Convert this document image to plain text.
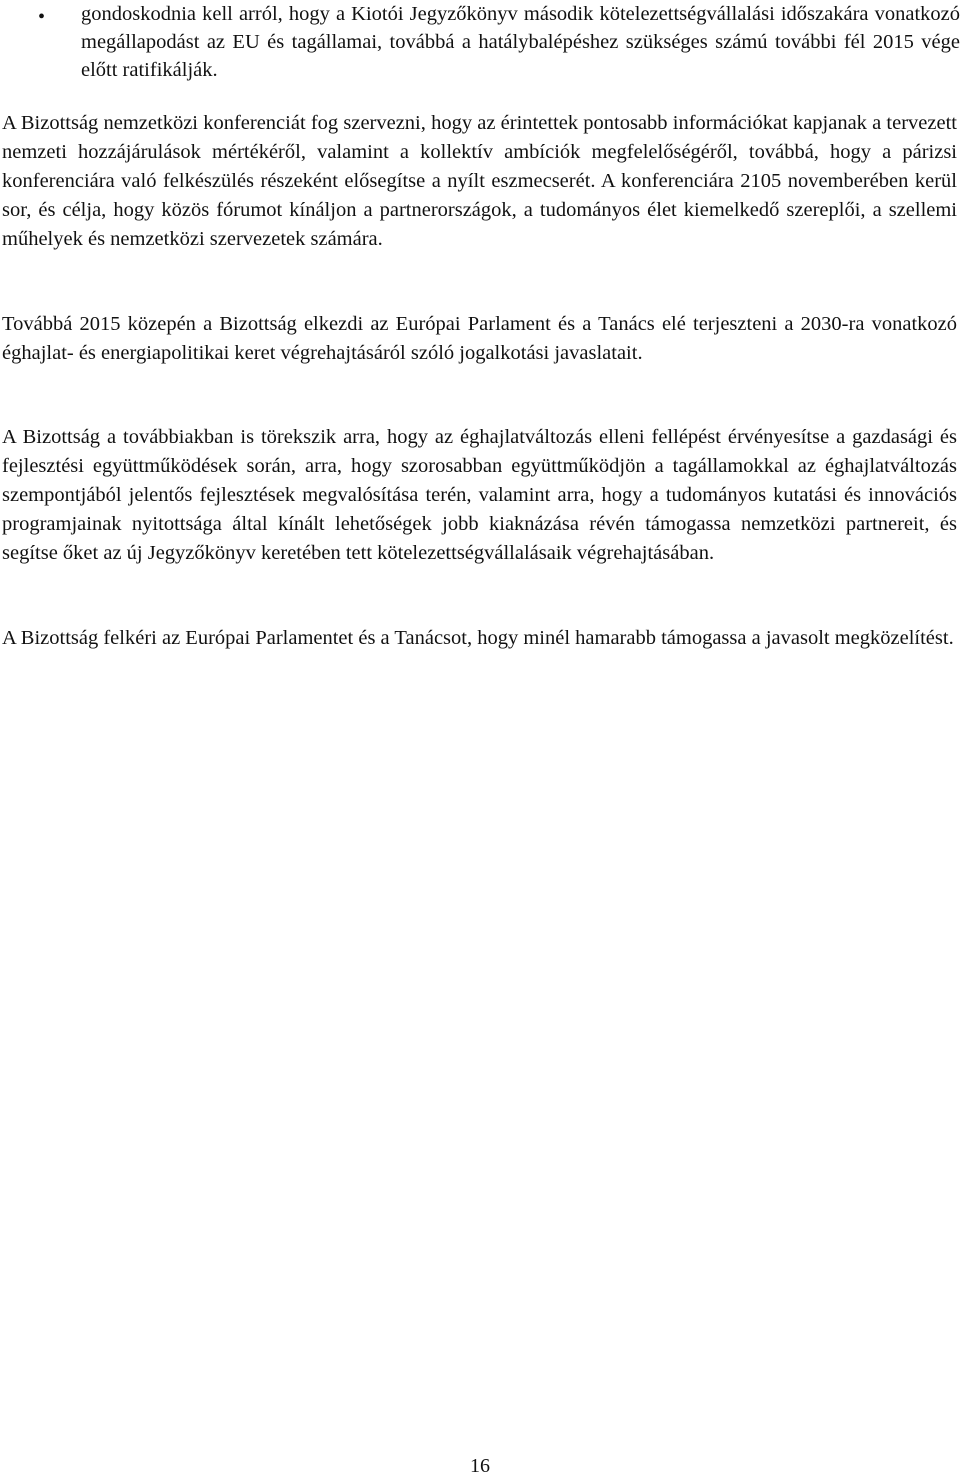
• gondoskodnia kell arról, hogy a Kiotói Jegyzőkönyv második kötelezettségvállalási időszakára vonatkozó megállapodást az EU és tagállamai, továbbá a hatálybalépéshez szükséges számú további fél 2015 vége előtt ratifikálják.

A Bizottság nemzetközi konferenciát fog szervezni, hogy az érintettek pontosabb információkat kapjanak a tervezett nemzeti hozzájárulások mértékéről, valamint a kollektív ambíciók megfelelőségéről, továbbá, hogy a párizsi konferenciára való felkészülés részeként elősegítse a nyílt eszmecserét. A konferenciára 2105 novemberében kerül sor, és célja, hogy közös fórumot kínáljon a partnerországok, a tudományos élet kiemelkedő szereplői, a szellemi műhelyek és nemzetközi szervezetek számára.

Továbbá 2015 közepén a Bizottság elkezdi az Európai Parlament és a Tanács elé terjeszteni a 2030-ra vonatkozó éghajlat- és energiapolitikai keret végrehajtásáról szóló jogalkotási javaslatait.

A Bizottság a továbbiakban is törekszik arra, hogy az éghajlatváltozás elleni fellépést érvényesítse a gazdasági és fejlesztési együttműködések során, arra, hogy szorosabban együttműködjön a tagállamokkal az éghajlatváltozás szempontjából jelentős fejlesztések megvalósítása terén, valamint arra, hogy a tudományos kutatási és innovációs programjainak nyitottsága által kínált lehetőségek jobb kiaknázása révén támogassa nemzetközi partnereit, és segítse őket az új Jegyzőkönyv keretében tett kötelezettségvállalásaik végrehajtásában.

A Bizottság felkéri az Európai Parlamentet és a Tanácsot, hogy minél hamarabb támogassa a javasolt megközelítést.

16
